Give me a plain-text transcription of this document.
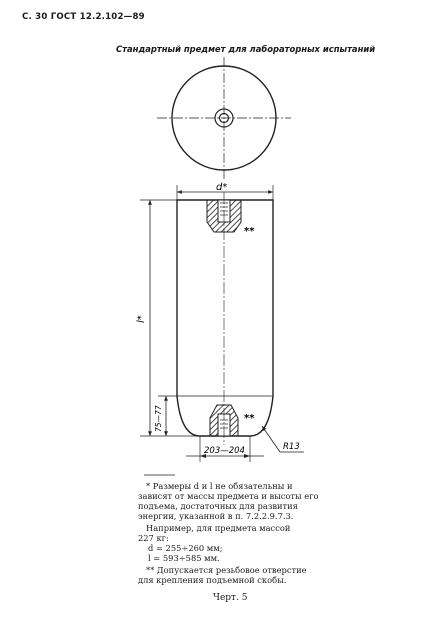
С. 30 ГОСТ 12.2.102—89
Стандартный предмет для лабораторных испытаний
d*
l*
75—77
203—204	R13
**
**
* Размеры d и l не обязательны и
зависят от массы предмета и высоты его
подъема, достаточных для развития
энергии, указанной в п. 7.2.2.9.7.3.
Например, для предмета массой
227 кг:
d = 255÷260 мм;
l = 593÷585 мм.
** Допускается резьбовое отверстие
для крепления подъемной скобы.
Черт. 5
